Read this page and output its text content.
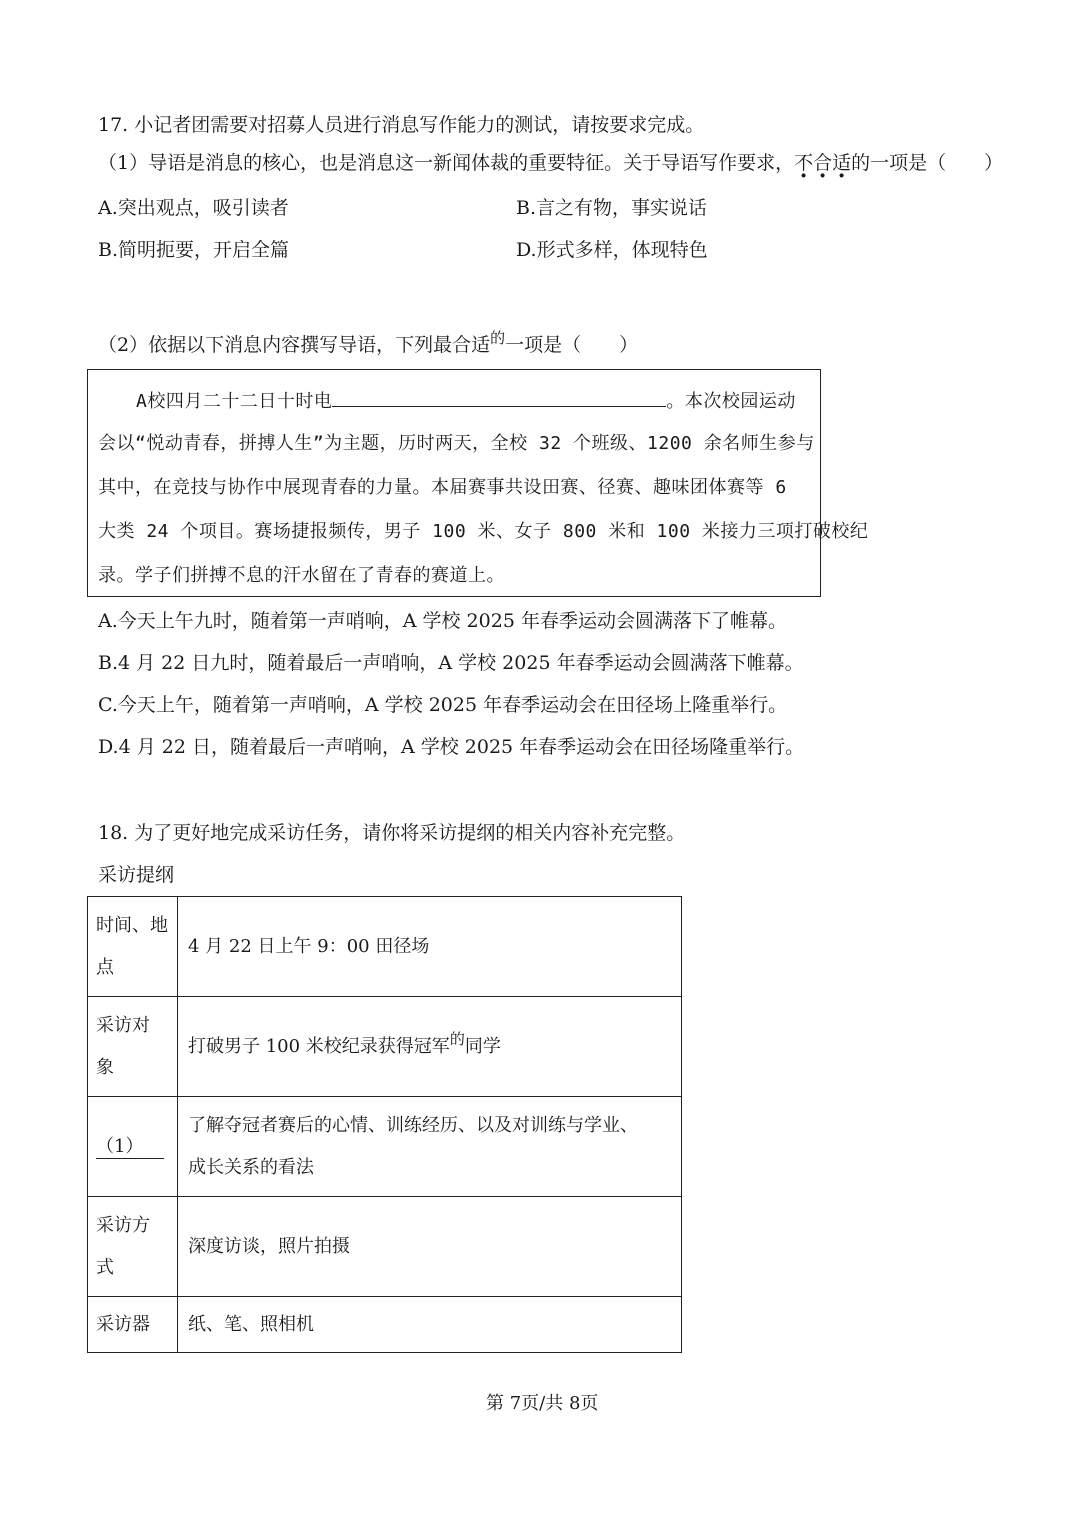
17. 小记者团需要对招募人员进行消息写作能力的测试，请按要求完成。
（1）导语是消息的核心，也是消息这一新闻体裁的重要特征。关于导语写作要求，不合适的一项是（ ）
A.突出观点，吸引读者	B.言之有物，事实说话
B.简明扼要，开启全篇	D.形式多样，体现特色
（2）依据以下消息内容撰写导语，下列最合适$^的$一项是（ ）
A校四月二十二日十时电	。本次校园运动
会以“悦动青春，拼搏人生”为主题，历时两天，全校 32 个班级、1200 余名师生参与
其中，在竞技与协作中展现青春的力量。本届赛事共设田赛、径赛、趣味团体赛等 6
大类 24 个项目。赛场捷报频传，男子 100 米、女子 800 米和 100 米接力三项打破校纪
录。学子们拼搏不息的汗水留在了青春的赛道上。
A.今天上午九时，随着第一声哨响，A 学校 2025 年春季运动会圆满落下了帷幕。
B.4 月 22 日九时，随着最后一声哨响，A 学校 2025 年春季运动会圆满落下帷幕。
C.今天上午，随着第一声哨响，A 学校 2025 年春季运动会在田径场上隆重举行。
D.4 月 22 日，随着最后一声哨响，A 学校 2025 年春季运动会在田径场隆重举行。
18. 为了更好地完成采访任务，请你将采访提纲的相关内容补充完整。
采访提纲
时间、地
点	4 月 22 日上午 9：00 田径场

采访对
象	打破男子 100 米校纪录获得冠军$^的$同学
（1）	了解夺冠者赛后的心情、训练经历、以及对训练与学业、
成长关系的看法

采访方
式	深度访谈，照片拍摄
采访器	纸、笔、照相机
第 7页/共 8页
